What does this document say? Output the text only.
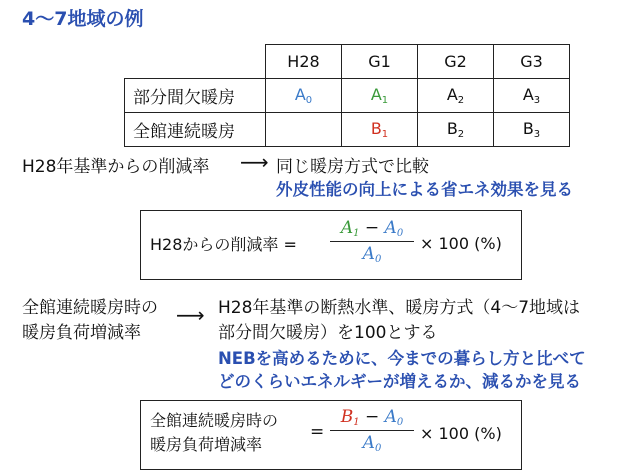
4～7地域の例
	H28	G1	G2	G3
部分間欠暖房	$A_0$	$A_1$	$A_2$	$A_3$
全館連続暖房		$B_1$	$B_2$	$B_3$
H28年基準からの削減率 ⟶ 同じ暖房方式で比較
外皮性能の向上による省エネ効果を見る
H28からの削減率 =
$A_1 - A_0$
$A_0$
× 100 (%)
全館連続暖房時の
暖房負荷増減率
⟶ H28年基準の断熱水準、暖房方式（4～7地域は
部分間欠暖房）を100とする
NEBを高めるために、今までの暮らし方と比べて
どのくらいエネルギーが増えるか、減るかを見る
全館連続暖房時の
暖房負荷増減率
=
$B_1 - A_0$
$A_0$
× 100 (%)
